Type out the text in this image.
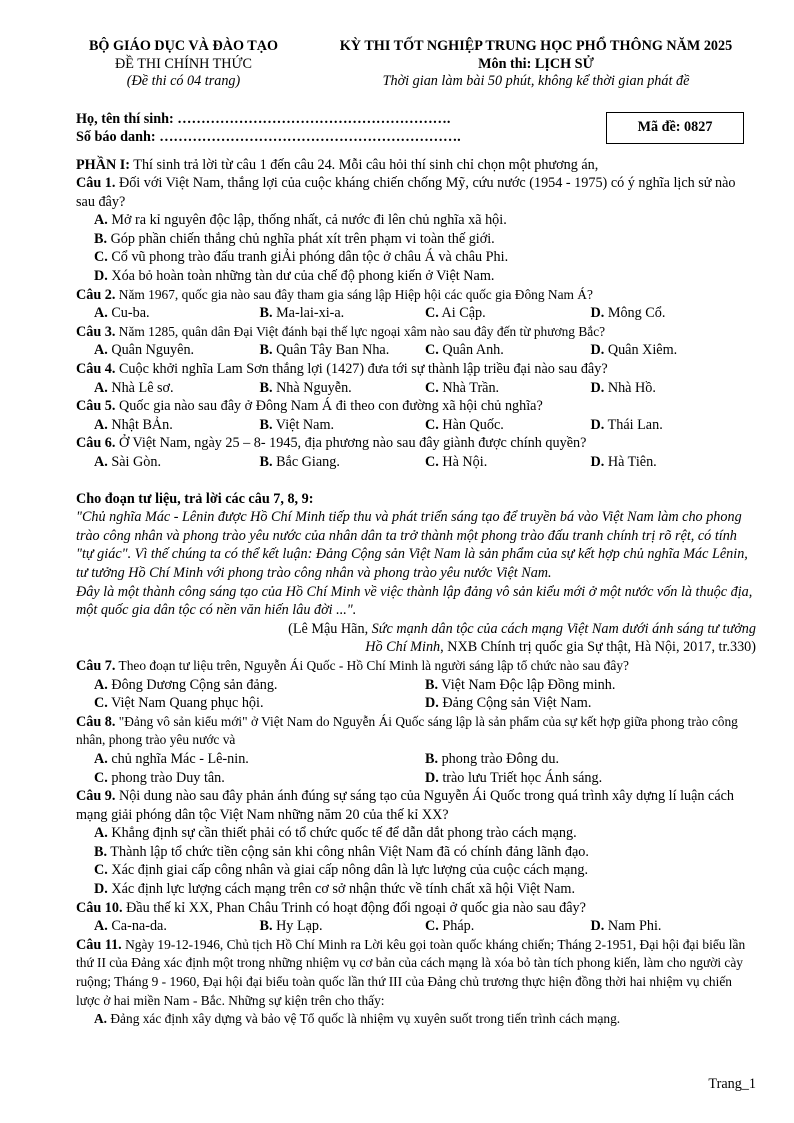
BỘ GIÁO DỤC VÀ ĐÀO TẠO
ĐỀ THI CHÍNH THỨC
(Đề thi có 04 trang)
KỲ THI TỐT NGHIỆP TRUNG HỌC PHỔ THÔNG NĂM 2025
Môn thi: LỊCH SỬ
Thời gian làm bài 50 phút, không kể thời gian phát đề
Họ, tên thí sinh: ………………………………………………….
Số báo danh: ……………………………………………………….
Mã đề: 0827
PHẦN I: Thí sinh trả lời từ câu 1 đến câu 24. Mỗi câu hỏi thí sinh chỉ chọn một phương án,
Câu 1. Đối với Việt Nam, thắng lợi của cuộc kháng chiến chống Mỹ, cứu nước (1954 - 1975) có ý nghĩa lịch sử nào sau đây?
A. Mở ra kỉ nguyên độc lập, thống nhất, cả nước đi lên chủ nghĩa xã hội.
B. Góp phần chiến thắng chủ nghĩa phát xít trên phạm vi toàn thế giới.
C. Cổ vũ phong trào đấu tranh giẢi phóng dân tộc ở châu Á và châu Phi.
D. Xóa bỏ hoàn toàn những tàn dư của chế độ phong kiến ở Việt Nam.
Câu 2. Năm 1967, quốc gia nào sau đây tham gia sáng lập Hiệp hội các quốc gia Đông Nam Á?
A. Cu-ba.	B. Ma-lai-xi-a.	C. Ai Cập.	D. Mông Cổ.
Câu 3. Năm 1285, quân dân Đại Việt đánh bại thế lực ngoại xâm nào sau đây đến từ phương Bắc?
A. Quân Nguyên.	B. Quân Tây Ban Nha.	C. Quân Anh.	D. Quân Xiêm.
Câu 4. Cuộc khởi nghĩa Lam Sơn thắng lợi (1427) đưa tới sự thành lập triều đại nào sau đây?
A. Nhà Lê sơ.	B. Nhà Nguyễn.	C. Nhà Trần.	D. Nhà Hồ.
Câu 5. Quốc gia nào sau đây ở Đông Nam Á đi theo con đường xã hội chủ nghĩa?
A. Nhật BẢn.	B. Việt Nam.	C. Hàn Quốc.	D. Thái Lan.
Câu 6. Ở Việt Nam, ngày 25 – 8- 1945, địa phương nào sau đây giành được chính quyền?
A. Sài Gòn.	B. Bắc Giang.	C. Hà Nội.	D. Hà Tiên.
Cho đoạn tư liệu, trả lời các câu 7, 8, 9:
"Chủ nghĩa Mác - Lênin được Hồ Chí Minh tiếp thu và phát triển sáng tạo để truyền bá vào Việt Nam làm cho phong trào công nhân và phong trào yêu nước của nhân dân ta trở thành một phong trào đấu tranh chính trị rõ rệt, có tính "tự giác". Vì thế chúng ta có thể kết luận: Đảng Cộng sản Việt Nam là sản phẩm của sự kết hợp chủ nghĩa Mác Lênin, tư tưởng Hồ Chí Minh với phong trào công nhân và phong trào yêu nước Việt Nam.
Đây là một thành công sáng tạo của Hồ Chí Minh về việc thành lập đảng vô sản kiểu mới ở một nước vốn là thuộc địa, một quốc gia dân tộc có nền văn hiến lâu đời ...".
(Lê Mậu Hãn, Sức mạnh dân tộc của cách mạng Việt Nam dưới ánh sáng tư tưởng
Hồ Chí Minh, NXB Chính trị quốc gia Sự thật, Hà Nội, 2017, tr.330)
Câu 7. Theo đoạn tư liệu trên, Nguyễn Ái Quốc - Hồ Chí Minh là người sáng lập tổ chức nào sau đây?
A. Đông Dương Cộng sản đảng.	B. Việt Nam Độc lập Đồng minh.
C. Việt Nam Quang phục hội.	D. Đảng Cộng sản Việt Nam.
Câu 8. "Đảng vô sản kiểu mới" ở Việt Nam do Nguyễn Ái Quốc sáng lập là sản phẩm của sự kết hợp giữa phong trào công nhân, phong trào yêu nước và
A. chủ nghĩa Mác - Lê-nin.	B. phong trào Đông du.
C. phong trào Duy tân.	D. trào lưu Triết học Ánh sáng.
Câu 9. Nội dung nào sau đây phản ánh đúng sự sáng tạo của Nguyễn Ái Quốc trong quá trình xây dựng lí luận cách mạng giải phóng dân tộc Việt Nam những năm 20 của thế kỉ XX?
A. Khẳng định sự cần thiết phải có tổ chức quốc tế để dẫn dắt phong trào cách mạng.
B. Thành lập tổ chức tiền cộng sản khi công nhân Việt Nam đã có chính đảng lãnh đạo.
C. Xác định giai cấp công nhân và giai cấp nông dân là lực lượng của cuộc cách mạng.
D. Xác định lực lượng cách mạng trên cơ sở nhận thức về tính chất xã hội Việt Nam.
Câu 10. Đầu thế kỉ XX, Phan Châu Trinh có hoạt động đối ngoại ở quốc gia nào sau đây?
A. Ca-na-da.	B. Hy Lạp.	C. Pháp.	D. Nam Phi.
Câu 11. Ngày 19-12-1946, Chủ tịch Hồ Chí Minh ra Lời kêu gọi toàn quốc kháng chiến; Tháng 2-1951, Đại hội đại biểu lần thứ II của Đảng xác định một trong những nhiệm vụ cơ bản của cách mạng là xóa bỏ tàn tích phong kiến, làm cho người cày ruộng; Tháng 9 - 1960, Đại hội đại biểu toàn quốc lần thứ III của Đảng chủ trương thực hiện đồng thời hai nhiệm vụ chiến lược ở hai miền Nam - Bắc. Những sự kiện trên cho thấy:
A. Đảng xác định xây dựng và bảo vệ Tổ quốc là nhiệm vụ xuyên suốt trong tiến trình cách mạng.
Trang_1
